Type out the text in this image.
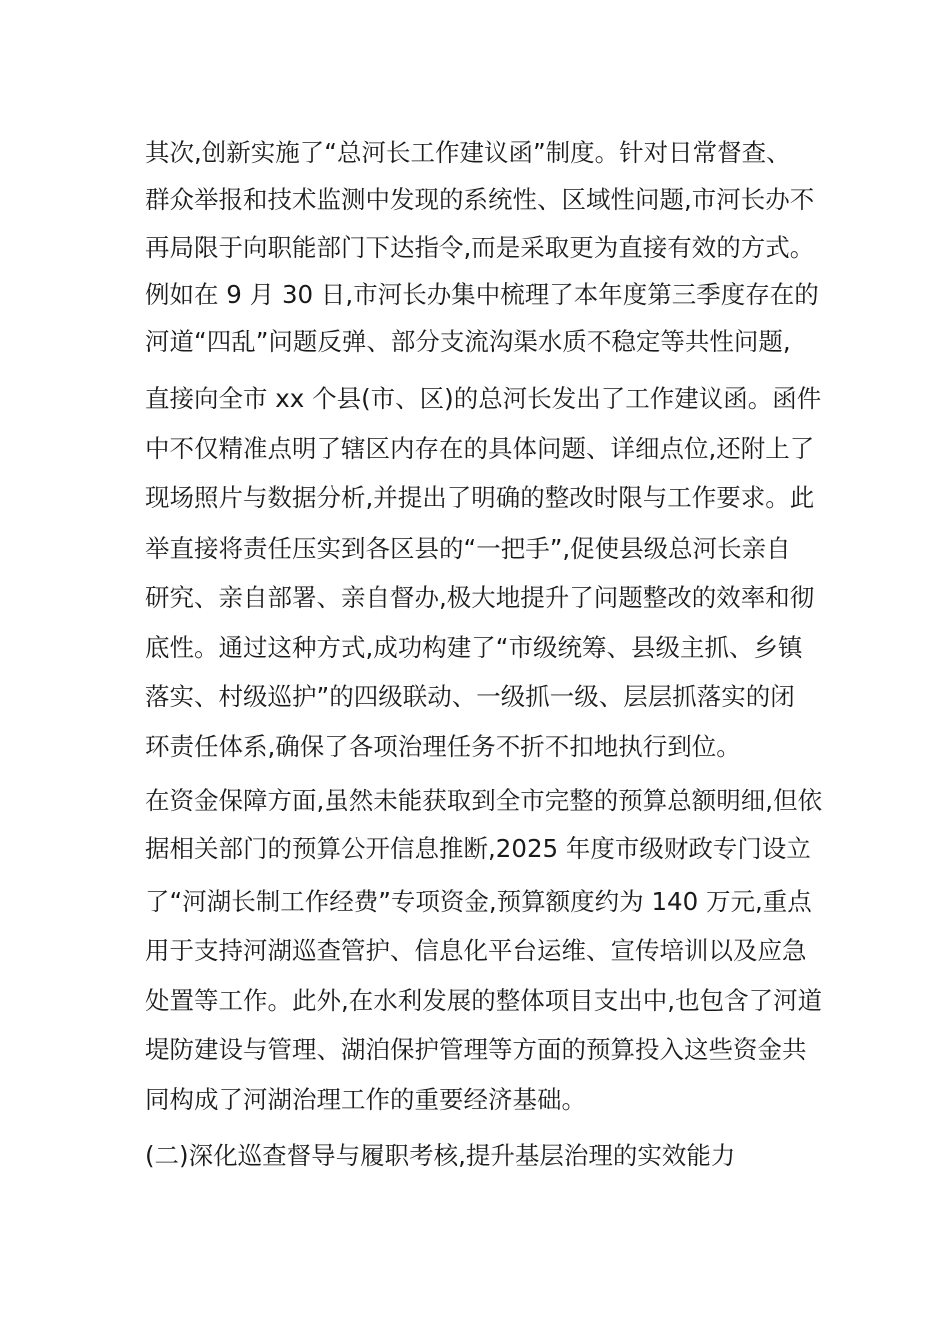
其次,创新实施了“总河长工作建议函”制度。针对日常督查、
群众举报和技术监测中发现的系统性、区域性问题,市河长办不
再局限于向职能部门下达指令,而是采取更为直接有效的方式。
例如在 9 月 30 日,市河长办集中梳理了本年度第三季度存在的
河道“四乱”问题反弹、部分支流沟渠水质不稳定等共性问题,
直接向全市 xx 个县(市、区)的总河长发出了工作建议函。函件
中不仅精准点明了辖区内存在的具体问题、详细点位,还附上了
现场照片与数据分析,并提出了明确的整改时限与工作要求。此
举直接将责任压实到各区县的“一把手”,促使县级总河长亲自
研究、亲自部署、亲自督办,极大地提升了问题整改的效率和彻
底性。通过这种方式,成功构建了“市级统筹、县级主抓、乡镇
落实、村级巡护”的四级联动、一级抓一级、层层抓落实的闭
环责任体系,确保了各项治理任务不折不扣地执行到位。
在资金保障方面,虽然未能获取到全市完整的预算总额明细,但依
据相关部门的预算公开信息推断,2025 年度市级财政专门设立
了“河湖长制工作经费”专项资金,预算额度约为 140 万元,重点
用于支持河湖巡查管护、信息化平台运维、宣传培训以及应急
处置等工作。此外,在水利发展的整体项目支出中,也包含了河道
堤防建设与管理、湖泊保护管理等方面的预算投入这些资金共
同构成了河湖治理工作的重要经济基础。
(二)深化巡查督导与履职考核,提升基层治理的实效能力
